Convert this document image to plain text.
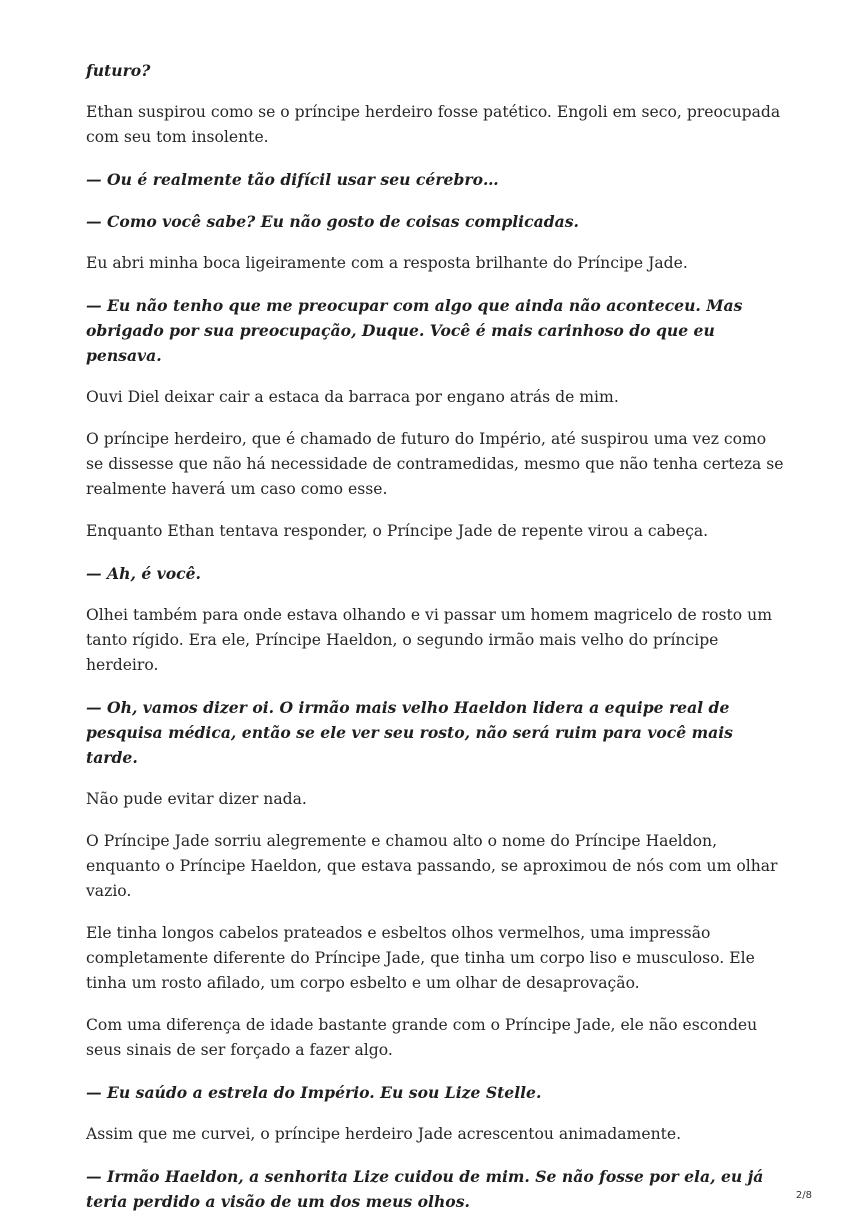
futuro?

Ethan suspirou como se o príncipe herdeiro fosse patético. Engoli em seco, preocupada com seu tom insolente.

— Ou é realmente tão difícil usar seu cérebro…

— Como você sabe? Eu não gosto de coisas complicadas.

Eu abri minha boca ligeiramente com a resposta brilhante do Príncipe Jade.

— Eu não tenho que me preocupar com algo que ainda não aconteceu. Mas obrigado por sua preocupação, Duque. Você é mais carinhoso do que eu pensava.

Ouvi Diel deixar cair a estaca da barraca por engano atrás de mim.

O príncipe herdeiro, que é chamado de futuro do Império, até suspirou uma vez como se dissesse que não há necessidade de contramedidas, mesmo que não tenha certeza se realmente haverá um caso como esse.

Enquanto Ethan tentava responder, o Príncipe Jade de repente virou a cabeça.

— Ah, é você.

Olhei também para onde estava olhando e vi passar um homem magricelo de rosto um tanto rígido. Era ele, Príncipe Haeldon, o segundo irmão mais velho do príncipe herdeiro.

— Oh, vamos dizer oi. O irmão mais velho Haeldon lidera a equipe real de pesquisa médica, então se ele ver seu rosto, não será ruim para você mais tarde.

Não pude evitar dizer nada.

O Príncipe Jade sorriu alegremente e chamou alto o nome do Príncipe Haeldon, enquanto o Príncipe Haeldon, que estava passando, se aproximou de nós com um olhar vazio.

Ele tinha longos cabelos prateados e esbeltos olhos vermelhos, uma impressão completamente diferente do Príncipe Jade, que tinha um corpo liso e musculoso. Ele tinha um rosto afilado, um corpo esbelto e um olhar de desaprovação.

Com uma diferença de idade bastante grande com o Príncipe Jade, ele não escondeu seus sinais de ser forçado a fazer algo.

— Eu saúdo a estrela do Império. Eu sou Lize Stelle.

Assim que me curvei, o príncipe herdeiro Jade acrescentou animadamente.

— Irmão Haeldon, a senhorita Lize cuidou de mim. Se não fosse por ela, eu já teria perdido a visão de um dos meus olhos.	2/8
